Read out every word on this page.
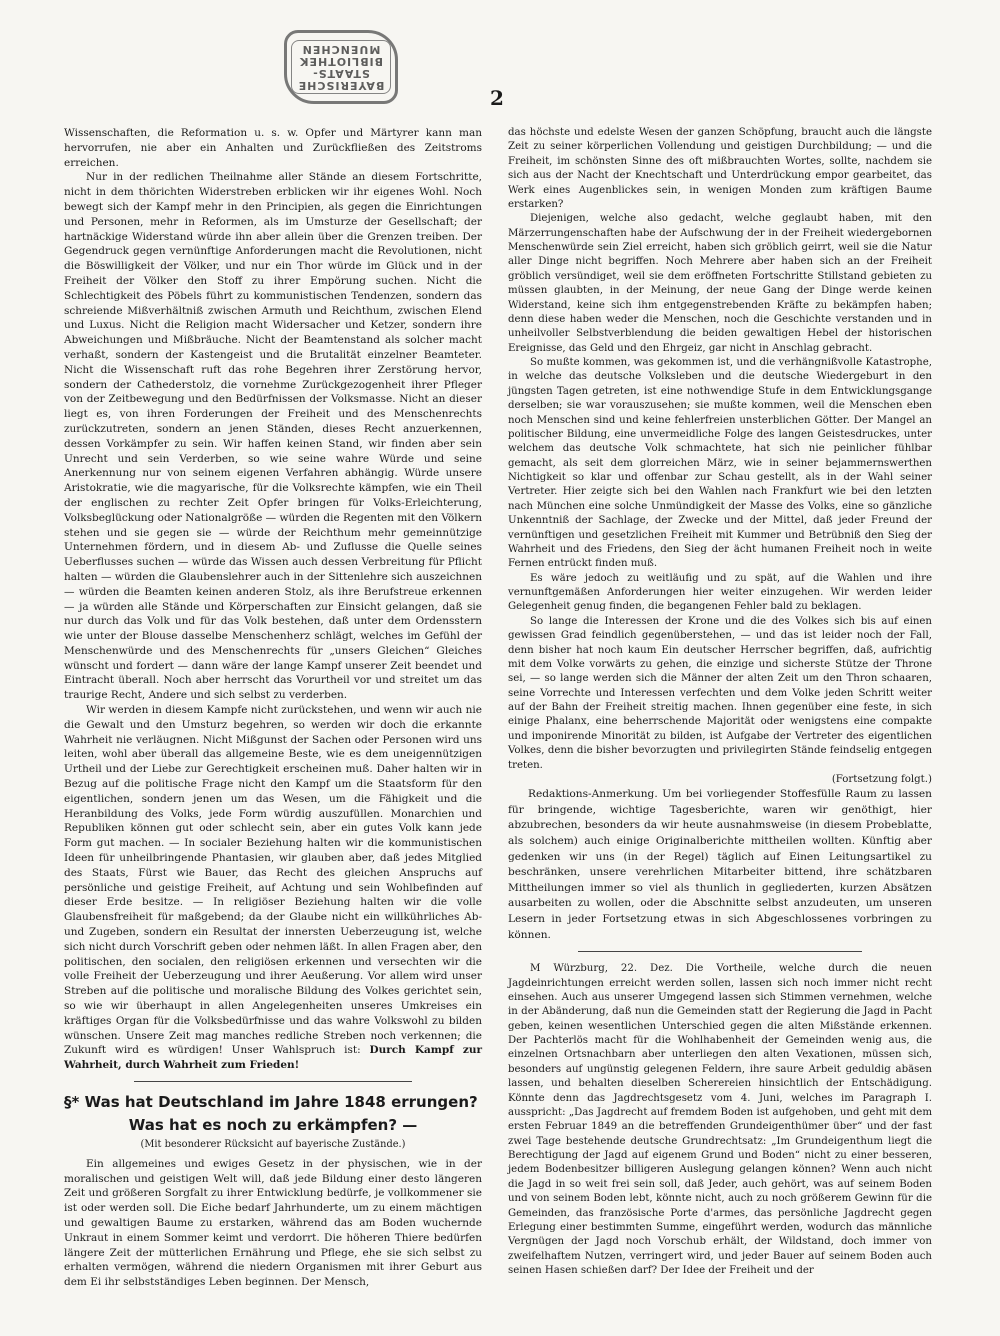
BAYERISCHE
STAATS-
BIBLIOTHEK
MUENCHEN
2

Wissenschaften, die Reformation u. s. w. Opfer und Märtyrer kann man hervorrufen, nie aber ein Anhalten und Zurückfließen des Zeitstroms erreichen.

Nur in der redlichen Theilnahme aller Stände an diesem Fortschritte, nicht in dem thörichten Widerstreben erblicken wir ihr eigenes Wohl. Noch bewegt sich der Kampf mehr in den Principien, als gegen die Einrichtungen und Personen, mehr in Reformen, als im Umsturze der Gesellschaft; der hartnäckige Widerstand würde ihn aber allein über die Grenzen treiben. Der Gegendruck gegen vernünftige Anforderungen macht die Revolutionen, nicht die Böswilligkeit der Völker, und nur ein Thor würde im Glück und in der Freiheit der Völker den Stoff zu ihrer Empörung suchen. Nicht die Schlechtigkeit des Pöbels führt zu kommunistischen Tendenzen, sondern das schreiende Mißverhältniß zwischen Armuth und Reichthum, zwischen Elend und Luxus. Nicht die Religion macht Widersacher und Ketzer, sondern ihre Abweichungen und Mißbräuche. Nicht der Beamtenstand als solcher macht verhaßt, sondern der Kastengeist und die Brutalität einzelner Beamteter. Nicht die Wissenschaft ruft das rohe Begehren ihrer Zerstörung hervor, sondern der Cathederstolz, die vornehme Zurückgezogenheit ihrer Pfleger von der Zeitbewegung und den Bedürfnissen der Volksmasse. Nicht an dieser liegt es, von ihren Forderungen der Freiheit und des Menschenrechts zurückzutreten, sondern an jenen Ständen, dieses Recht anzuerkennen, dessen Vorkämpfer zu sein. Wir haffen keinen Stand, wir finden aber sein Unrecht und sein Verderben, so wie seine wahre Würde und seine Anerkennung nur von seinem eigenen Verfahren abhängig. Würde unsere Aristokratie, wie die magyarische, für die Volksrechte kämpfen, wie ein Theil der englischen zu rechter Zeit Opfer bringen für Volks-Erleichterung, Volksbeglückung oder Nationalgröße — würden die Regenten mit den Völkern stehen und sie gegen sie — würde der Reichthum mehr gemeinnützige Unternehmen fördern, und in diesem Ab- und Zuflusse die Quelle seines Ueberflusses suchen — würde das Wissen auch dessen Verbreitung für Pflicht halten — würden die Glaubenslehrer auch in der Sittenlehre sich auszeichnen — würden die Beamten keinen anderen Stolz, als ihre Berufstreue erkennen — ja würden alle Stände und Körperschaften zur Einsicht gelangen, daß sie nur durch das Volk und für das Volk bestehen, daß unter dem Ordensstern wie unter der Blouse dasselbe Menschenherz schlägt, welches im Gefühl der Menschenwürde und des Menschenrechts für „unsers Gleichen“ Gleiches wünscht und fordert — dann wäre der lange Kampf unserer Zeit beendet und Eintracht überall. Noch aber herrscht das Vorurtheil vor und streitet um das traurige Recht, Andere und sich selbst zu verderben.

Wir werden in diesem Kampfe nicht zurückstehen, und wenn wir auch nie die Gewalt und den Umsturz begehren, so werden wir doch die erkannte Wahrheit nie verläugnen. Nicht Mißgunst der Sachen oder Personen wird uns leiten, wohl aber überall das allgemeine Beste, wie es dem uneigennützigen Urtheil und der Liebe zur Gerechtigkeit erscheinen muß. Daher halten wir in Bezug auf die politische Frage nicht den Kampf um die Staatsform für den eigentlichen, sondern jenen um das Wesen, um die Fähigkeit und die Heranbildung des Volks, jede Form würdig auszufüllen. Monarchien und Republiken können gut oder schlecht sein, aber ein gutes Volk kann jede Form gut machen. — In socialer Beziehung halten wir die kommunistischen Ideen für unheilbringende Phantasien, wir glauben aber, daß jedes Mitglied des Staats, Fürst wie Bauer, das Recht des gleichen Anspruchs auf persönliche und geistige Freiheit, auf Achtung und sein Wohlbefinden auf dieser Erde besitze. — In religiöser Beziehung halten wir die volle Glaubensfreiheit für maßgebend; da der Glaube nicht ein willkührliches Ab- und Zugeben, sondern ein Resultat der innersten Ueberzeugung ist, welche sich nicht durch Vorschrift geben oder nehmen läßt. In allen Fragen aber, den politischen, den socialen, den religiösen erkennen und versechten wir die volle Freiheit der Ueberzeugung und ihrer Aeußerung. Vor allem wird unser Streben auf die politische und moralische Bildung des Volkes gerichtet sein, so wie wir überhaupt in allen Angelegenheiten unseres Umkreises ein kräftiges Organ für die Volksbedürfnisse und das wahre Volkswohl zu bilden wünschen. Unsere Zeit mag manches redliche Streben noch verkennen; die Zukunft wird es würdigen! Unser Wahlspruch ist: Durch Kampf zur Wahrheit, durch Wahrheit zum Frieden!

§* Was hat Deutschland im Jahre 1848 errungen?
Was hat es noch zu erkämpfen? —
(Mit besonderer Rücksicht auf bayerische Zustände.)

Ein allgemeines und ewiges Gesetz in der physischen, wie in der moralischen und geistigen Welt will, daß jede Bildung einer desto längeren Zeit und größeren Sorgfalt zu ihrer Entwicklung bedürfe, je vollkommener sie ist oder werden soll. Die Eiche bedarf Jahrhunderte, um zu einem mächtigen und gewaltigen Baume zu erstarken, während das am Boden wuchernde Unkraut in einem Sommer keimt und verdorrt. Die höheren Thiere bedürfen längere Zeit der mütterlichen Ernährung und Pflege, ehe sie sich selbst zu erhalten vermögen, während die niedern Organismen mit ihrer Geburt aus dem Ei ihr selbstständiges Leben beginnen. Der Mensch,

das höchste und edelste Wesen der ganzen Schöpfung, braucht auch die längste Zeit zu seiner körperlichen Vollendung und geistigen Durchbildung; — und die Freiheit, im schönsten Sinne des oft mißbrauchten Wortes, sollte, nachdem sie sich aus der Nacht der Knechtschaft und Unterdrückung empor gearbeitet, das Werk eines Augenblickes sein, in wenigen Monden zum kräftigen Baume erstarken?

Diejenigen, welche also gedacht, welche geglaubt haben, mit den Märzerrungenschaften habe der Aufschwung der in der Freiheit wiedergebornen Menschenwürde sein Ziel erreicht, haben sich gröblich geirrt, weil sie die Natur aller Dinge nicht begriffen. Noch Mehrere aber haben sich an der Freiheit gröblich versündiget, weil sie dem eröffneten Fortschritte Stillstand gebieten zu müssen glaubten, in der Meinung, der neue Gang der Dinge werde keinen Widerstand, keine sich ihm entgegenstrebenden Kräfte zu bekämpfen haben; denn diese haben weder die Menschen, noch die Geschichte verstanden und in unheilvoller Selbstverblendung die beiden gewaltigen Hebel der historischen Ereignisse, das Geld und den Ehrgeiz, gar nicht in Anschlag gebracht.

So mußte kommen, was gekommen ist, und die verhängnißvolle Katastrophe, in welche das deutsche Volksleben und die deutsche Wiedergeburt in den jüngsten Tagen getreten, ist eine nothwendige Stufe in dem Entwicklungsgange derselben; sie war vorauszusehen; sie mußte kommen, weil die Menschen eben noch Menschen sind und keine fehlerfreien unsterblichen Götter. Der Mangel an politischer Bildung, eine unvermeidliche Folge des langen Geistesdruckes, unter welchem das deutsche Volk schmachtete, hat sich nie peinlicher fühlbar gemacht, als seit dem glorreichen März, wie in seiner bejammernswerthen Nichtigkeit so klar und offenbar zur Schau gestellt, als in der Wahl seiner Vertreter. Hier zeigte sich bei den Wahlen nach Frankfurt wie bei den letzten nach München eine solche Unmündigkeit der Masse des Volks, eine so gänzliche Unkenntniß der Sachlage, der Zwecke und der Mittel, daß jeder Freund der vernünftigen und gesetzlichen Freiheit mit Kummer und Betrübniß den Sieg der Wahrheit und des Friedens, den Sieg der ächt humanen Freiheit noch in weite Fernen entrückt finden muß.

Es wäre jedoch zu weitläufig und zu spät, auf die Wahlen und ihre vernunftgemäßen Anforderungen hier weiter einzugehen. Wir werden leider Gelegenheit genug finden, die begangenen Fehler bald zu beklagen.

So lange die Interessen der Krone und die des Volkes sich bis auf einen gewissen Grad feindlich gegenüberstehen, — und das ist leider noch der Fall, denn bisher hat noch kaum Ein deutscher Herrscher begriffen, daß, aufrichtig mit dem Volke vorwärts zu gehen, die einzige und sicherste Stütze der Throne sei, — so lange werden sich die Männer der alten Zeit um den Thron schaaren, seine Vorrechte und Interessen verfechten und dem Volke jeden Schritt weiter auf der Bahn der Freiheit streitig machen. Ihnen gegenüber eine feste, in sich einige Phalanx, eine beherrschende Majorität oder wenigstens eine compakte und imponirende Minorität zu bilden, ist Aufgabe der Vertreter des eigentlichen Volkes, denn die bisher bevorzugten und privilegirten Stände feindselig entgegen treten.

(Fortsetzung folgt.)

Redaktions-Anmerkung. Um bei vorliegender Stoffesfülle Raum zu lassen für bringende, wichtige Tagesberichte, waren wir genöthigt, hier abzubrechen, besonders da wir heute ausnahmsweise (in diesem Probeblatte, als solchem) auch einige Originalberichte mittheilen wollten. Künftig aber gedenken wir uns (in der Regel) täglich auf Einen Leitungsartikel zu beschränken, unsere verehrlichen Mitarbeiter bittend, ihre schätzbaren Mittheilungen immer so viel als thunlich in gegliederten, kurzen Absätzen ausarbeiten zu wollen, oder die Abschnitte selbst anzudeuten, um unseren Lesern in jeder Fortsetzung etwas in sich Abgeschlossenes vorbringen zu können.

M Würzburg, 22. Dez. Die Vortheile, welche durch die neuen Jagdeinrichtungen erreicht werden sollen, lassen sich noch immer nicht recht einsehen. Auch aus unserer Umgegend lassen sich Stimmen vernehmen, welche in der Abänderung, daß nun die Gemeinden statt der Regierung die Jagd in Pacht geben, keinen wesentlichen Unterschied gegen die alten Mißstände erkennen. Der Pachterlös macht für die Wohlhabenheit der Gemeinden wenig aus, die einzelnen Ortsnachbarn aber unterliegen den alten Vexationen, müssen sich, besonders auf ungünstig gelegenen Feldern, ihre saure Arbeit geduldig abäsen lassen, und behalten dieselben Scherereien hinsichtlich der Entschädigung. Könnte denn das Jagdrechtsgesetz vom 4. Juni, welches im Paragraph I. ausspricht: „Das Jagdrecht auf fremdem Boden ist aufgehoben, und geht mit dem ersten Februar 1849 an die betreffenden Grundeigenthümer über“ und der fast zwei Tage bestehende deutsche Grundrechtsatz: „Im Grundeigenthum liegt die Berechtigung der Jagd auf eigenem Grund und Boden“ nicht zu einer besseren, jedem Bodenbesitzer billigeren Auslegung gelangen können? Wenn auch nicht die Jagd in so weit frei sein soll, daß Jeder, auch gehört, was auf seinem Boden und von seinem Boden lebt, könnte nicht, auch zu noch größerem Gewinn für die Gemeinden, das französische Porte d'armes, das persönliche Jagdrecht gegen Erlegung einer bestimmten Summe, eingeführt werden, wodurch das männliche Vergnügen der Jagd noch Vorschub erhält, der Wildstand, doch immer von zweifelhaftem Nutzen, verringert wird, und jeder Bauer auf seinem Boden auch seinen Hasen schießen darf? Der Idee der Freiheit und der
